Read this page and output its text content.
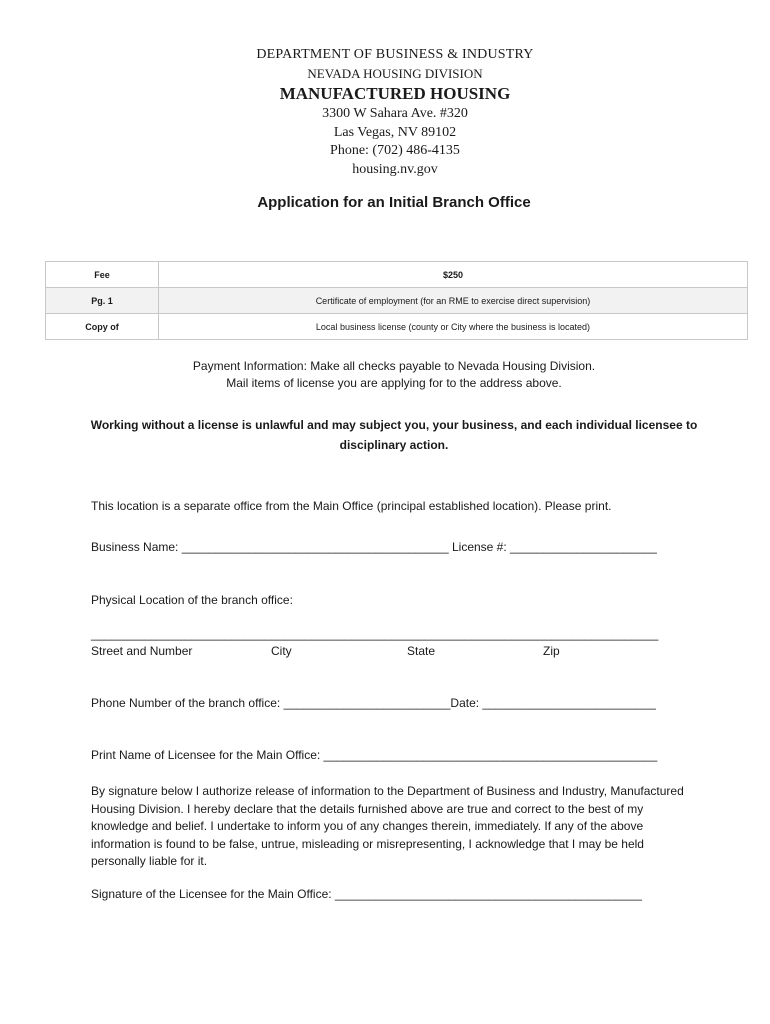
DEPARTMENT OF BUSINESS & INDUSTRY
NEVADA HOUSING DIVISION
MANUFACTURED HOUSING
3300 W Sahara Ave. #320
Las Vegas, NV 89102
Phone: (702) 486-4135
housing.nv.gov
Application for an Initial Branch Office
Fee	$250
Pg. 1	Certificate of employment (for an RME to exercise direct supervision)
Copy of	Local business license (county or City where the business is located)
Payment Information: Make all checks payable to Nevada Housing Division.
Mail items of license you are applying for to the address above.
Working without a license is unlawful and may subject you, your business, and each individual licensee to
disciplinary action.
This location is a separate office from the Main Office (principal established location). Please print.
Business Name: ________________________________________ License #: ______________________
Physical Location of the branch office:
_____________________________________________________________________________________
Street and Number	City	State	Zip
Phone Number of the branch office: _________________________Date: __________________________
Print Name of Licensee for the Main Office: __________________________________________________
By signature below I authorize release of information to the Department of Business and Industry, Manufactured Housing Division. I hereby declare that the details furnished above are true and correct to the best of my knowledge and belief. I undertake to inform you of any changes therein, immediately. If any of the above information is found to be false, untrue, misleading or misrepresenting, I acknowledge that I may be held personally liable for it.
Signature of the Licensee for the Main Office: ______________________________________________
